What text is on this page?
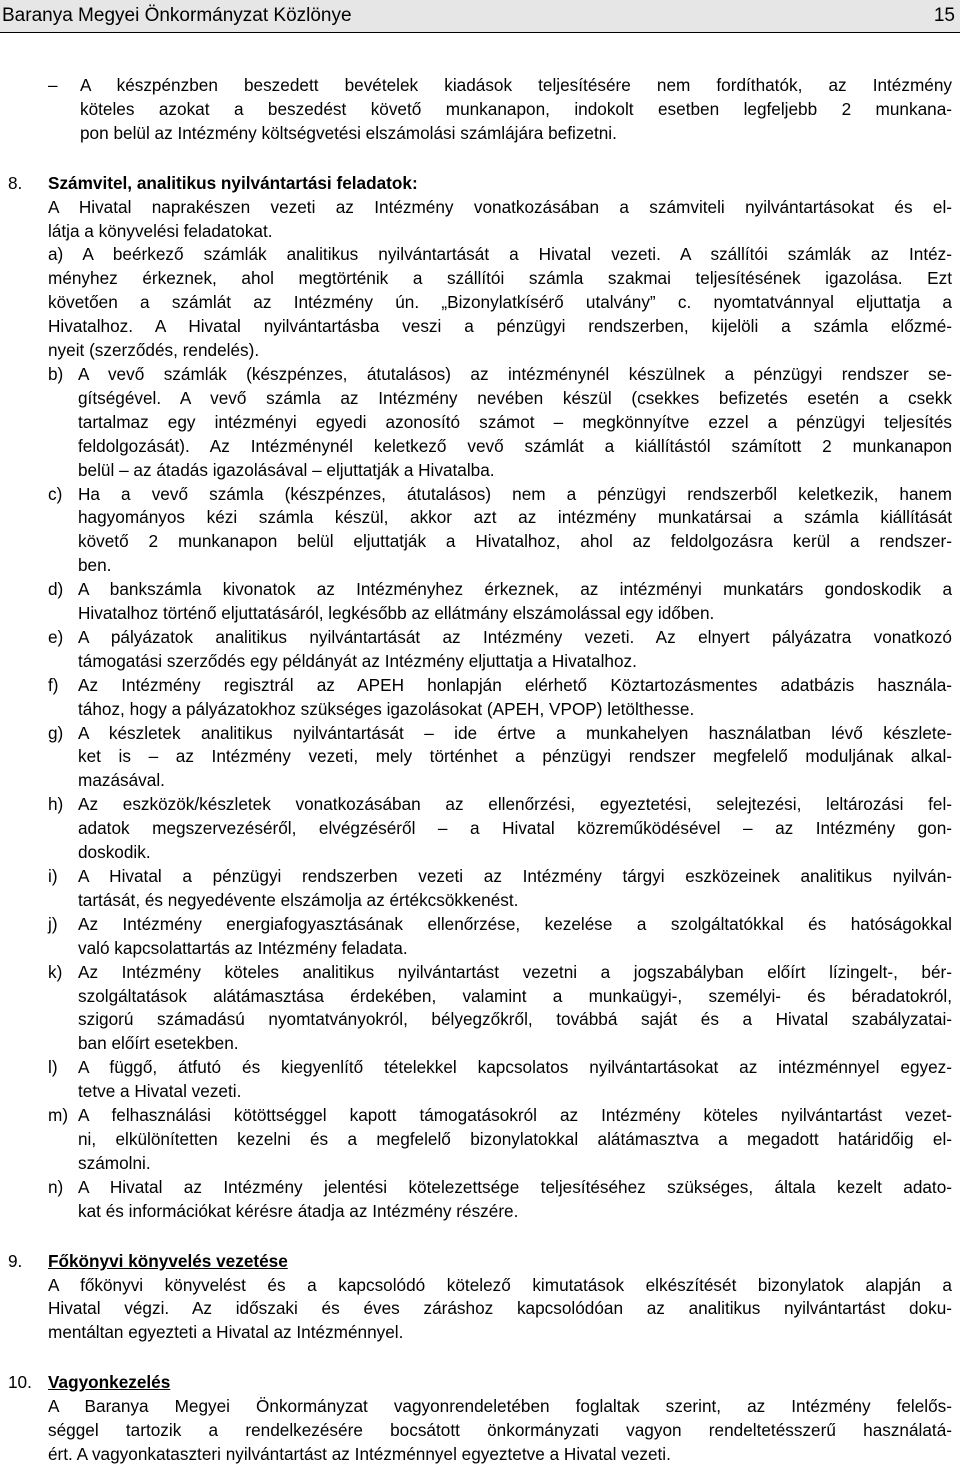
Baranya Megyei Önkormányzat Közlönye	15
– A készpénzben beszedett bevételek kiadások teljesítésére nem fordíthatók, az Intézmény
köteles azokat a beszedést követő munkanapon, indokolt esetben legfeljebb 2 munkana-
pon belül az Intézmény költségvetési elszámolási számlájára befizetni.
8. Számvitel, analitikus nyilvántartási feladatok:
A Hivatal naprakészen vezeti az Intézmény vonatkozásában a számviteli nyilvántartásokat és el-
látja a könyvelési feladatokat.
a) A beérkező számlák analitikus nyilvántartását a Hivatal vezeti. A szállítói számlák az Intéz-
ményhez érkeznek, ahol megtörténik a szállítói számla szakmai teljesítésének igazolása. Ezt
követően a számlát az Intézmény ún. „Bizonylatkísérő utalvány” c. nyomtatvánnyal eljuttatja a
Hivatalhoz. A Hivatal nyilvántartásba veszi a pénzügyi rendszerben, kijelöli a számla előzmé-
nyeit (szerződés, rendelés).
b) A vevő számlák (készpénzes, átutalásos) az intézménynél készülnek a pénzügyi rendszer se-
gítségével. A vevő számla az Intézmény nevében készül (csekkes befizetés esetén a csekk
tartalmaz egy intézményi egyedi azonosító számot – megkönnyítve ezzel a pénzügyi teljesítés
feldolgozását). Az Intézménynél keletkező vevő számlát a kiállítástól számított 2 munkanapon
belül – az átadás igazolásával – eljuttatják a Hivatalba.
c) Ha a vevő számla (készpénzes, átutalásos) nem a pénzügyi rendszerből keletkezik, hanem
hagyományos kézi számla készül, akkor azt az intézmény munkatársai a számla kiállítását
követő 2 munkanapon belül eljuttatják a Hivatalhoz, ahol az feldolgozásra kerül a rendszer-
ben.
d) A bankszámla kivonatok az Intézményhez érkeznek, az intézményi munkatárs gondoskodik a
Hivatalhoz történő eljuttatásáról, legkésőbb az ellátmány elszámolással egy időben.
e) A pályázatok analitikus nyilvántartását az Intézmény vezeti. Az elnyert pályázatra vonatkozó
támogatási szerződés egy példányát az Intézmény eljuttatja a Hivatalhoz.
f) Az Intézmény regisztrál az APEH honlapján elérhető Köztartozásmentes adatbázis használa-
tához, hogy a pályázatokhoz szükséges igazolásokat (APEH, VPOP) letölthesse.
g) A készletek analitikus nyilvántartását – ide értve a munkahelyen használatban lévő készlete-
ket is – az Intézmény vezeti, mely történhet a pénzügyi rendszer megfelelő moduljának alkal-
mazásával.
h) Az eszközök/készletek vonatkozásában az ellenőrzési, egyeztetési, selejtezési, leltározási fel-
adatok megszervezéséről, elvégzéséről – a Hivatal közreműködésével – az Intézmény gon-
doskodik.
i) A Hivatal a pénzügyi rendszerben vezeti az Intézmény tárgyi eszközeinek analitikus nyilván-
tartását, és negyedévente elszámolja az értékcsökkenést.
j) Az Intézmény energiafogyasztásának ellenőrzése, kezelése a szolgáltatókkal és hatóságokkal
való kapcsolattartás az Intézmény feladata.
k) Az Intézmény köteles analitikus nyilvántartást vezetni a jogszabályban előírt lízingelt-, bér-
szolgáltatások alátámasztása érdekében, valamint a munkaügyi-, személyi- és béradatokról,
szigorú számadású nyomtatványokról, bélyegzőkről, továbbá saját és a Hivatal szabályzatai-
ban előírt esetekben.
l) A függő, átfutó és kiegyenlítő tételekkel kapcsolatos nyilvántartásokat az intézménnyel egyez-
tetve a Hivatal vezeti.
m) A felhasználási kötöttséggel kapott támogatásokról az Intézmény köteles nyilvántartást vezet-
ni, elkülönítetten kezelni és a megfelelő bizonylatokkal alátámasztva a megadott határidőig el-
számolni.
n) A Hivatal az Intézmény jelentési kötelezettsége teljesítéséhez szükséges, általa kezelt adato-
kat és információkat kérésre átadja az Intézmény részére.
9. Főkönyvi könyvelés vezetése
A főkönyvi könyvelést és a kapcsolódó kötelező kimutatások elkészítését bizonylatok alapján a
Hivatal végzi. Az időszaki és éves záráshoz kapcsolódóan az analitikus nyilvántartást doku-
mentáltan egyezteti a Hivatal az Intézménnyel.
10. Vagyonkezelés
A Baranya Megyei Önkormányzat vagyonrendeletében foglaltak szerint, az Intézmény felelős-
séggel tartozik a rendelkezésére bocsátott önkormányzati vagyon rendeltetésszerű használatá-
ért. A vagyonkataszteri nyilvántartást az Intézménnyel egyeztetve a Hivatal vezeti.
